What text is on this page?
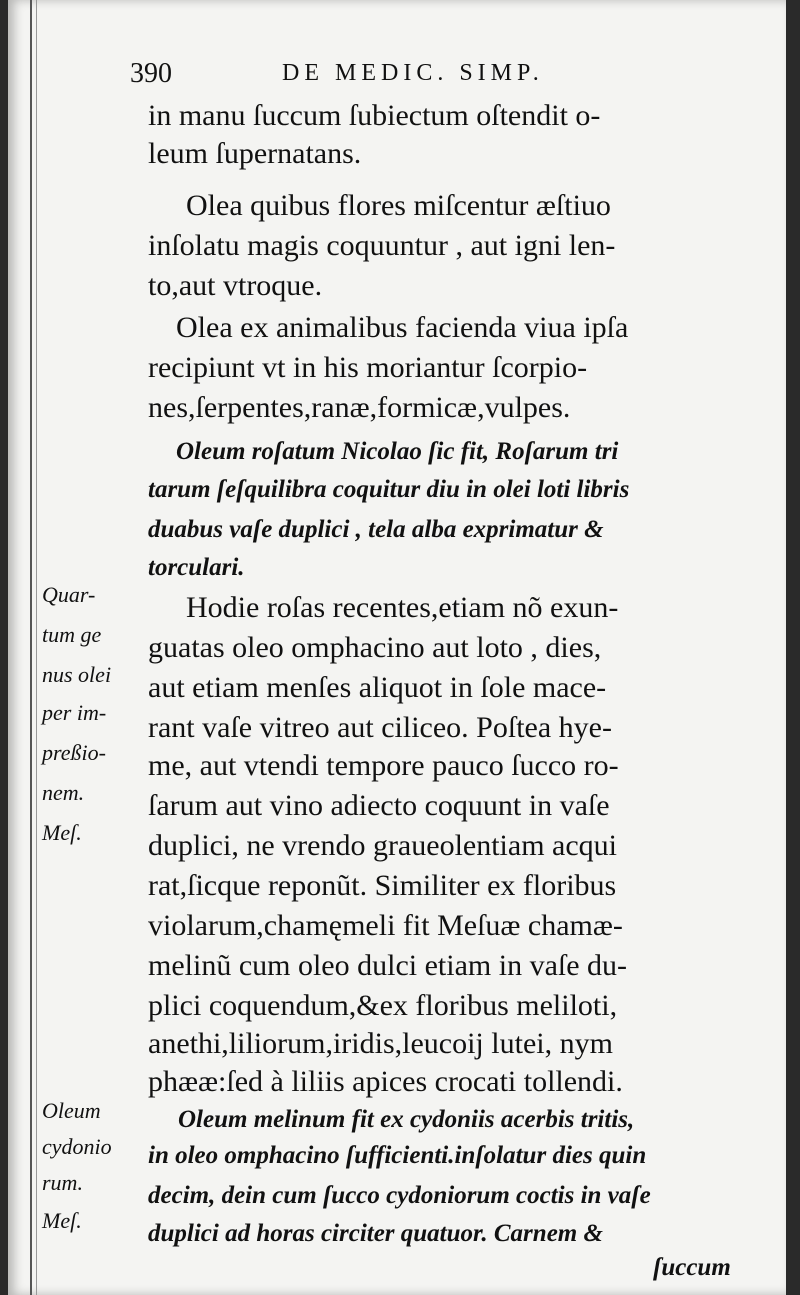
390	DE MEDIC. SIMP.
in manu ſuccum ſubiectum oſtendit o-
leum ſupernatans.
Olea quibus flores miſcentur æſtiuo
inſolatu magis coquuntur , aut igni len-
to,aut vtroque.
Olea ex animalibus facienda viua ipſa
recipiunt vt in his moriantur ſcorpio-
nes,ſerpentes,ranæ,formicæ,vulpes.
Oleum roſatum Nicolao ſic fit, Roſarum tri
tarum ſeſquilibra coquitur diu in olei loti libris
duabus vaſe duplici , tela alba exprimatur &
torculari.
Hodie roſas recentes,etiam nõ exun-
guatas oleo omphacino aut loto , dies,
aut etiam menſes aliquot in ſole mace-
rant vaſe vitreo aut ciliceo. Poſtea hye-
me, aut vtendi tempore pauco ſucco ro-
ſarum aut vino adiecto coquunt in vaſe
duplici, ne vrendo graueolentiam acqui
rat,ſicque reponũt. Similiter ex floribus
violarum,chamęmeli fit Meſuæ chamæ-
melinũ cum oleo dulci etiam in vaſe du-
plici coquendum,&ex floribus meliloti,
anethi,liliorum,iridis,leucoij lutei, nym
phææ:ſed à liliis apices crocati tollendi.
Oleum melinum fit ex cydoniis acerbis tritis,
in oleo omphacino ſufficienti.inſolatur dies quin
decim, dein cum ſucco cydoniorum coctis in vaſe
duplici ad horas circiter quatuor. Carnem &
ſuccum
Quar-
tum ge
nus olei
per im-
preßio-
nem.
Meſ.
Oleum
cydonio
rum.
Meſ.
